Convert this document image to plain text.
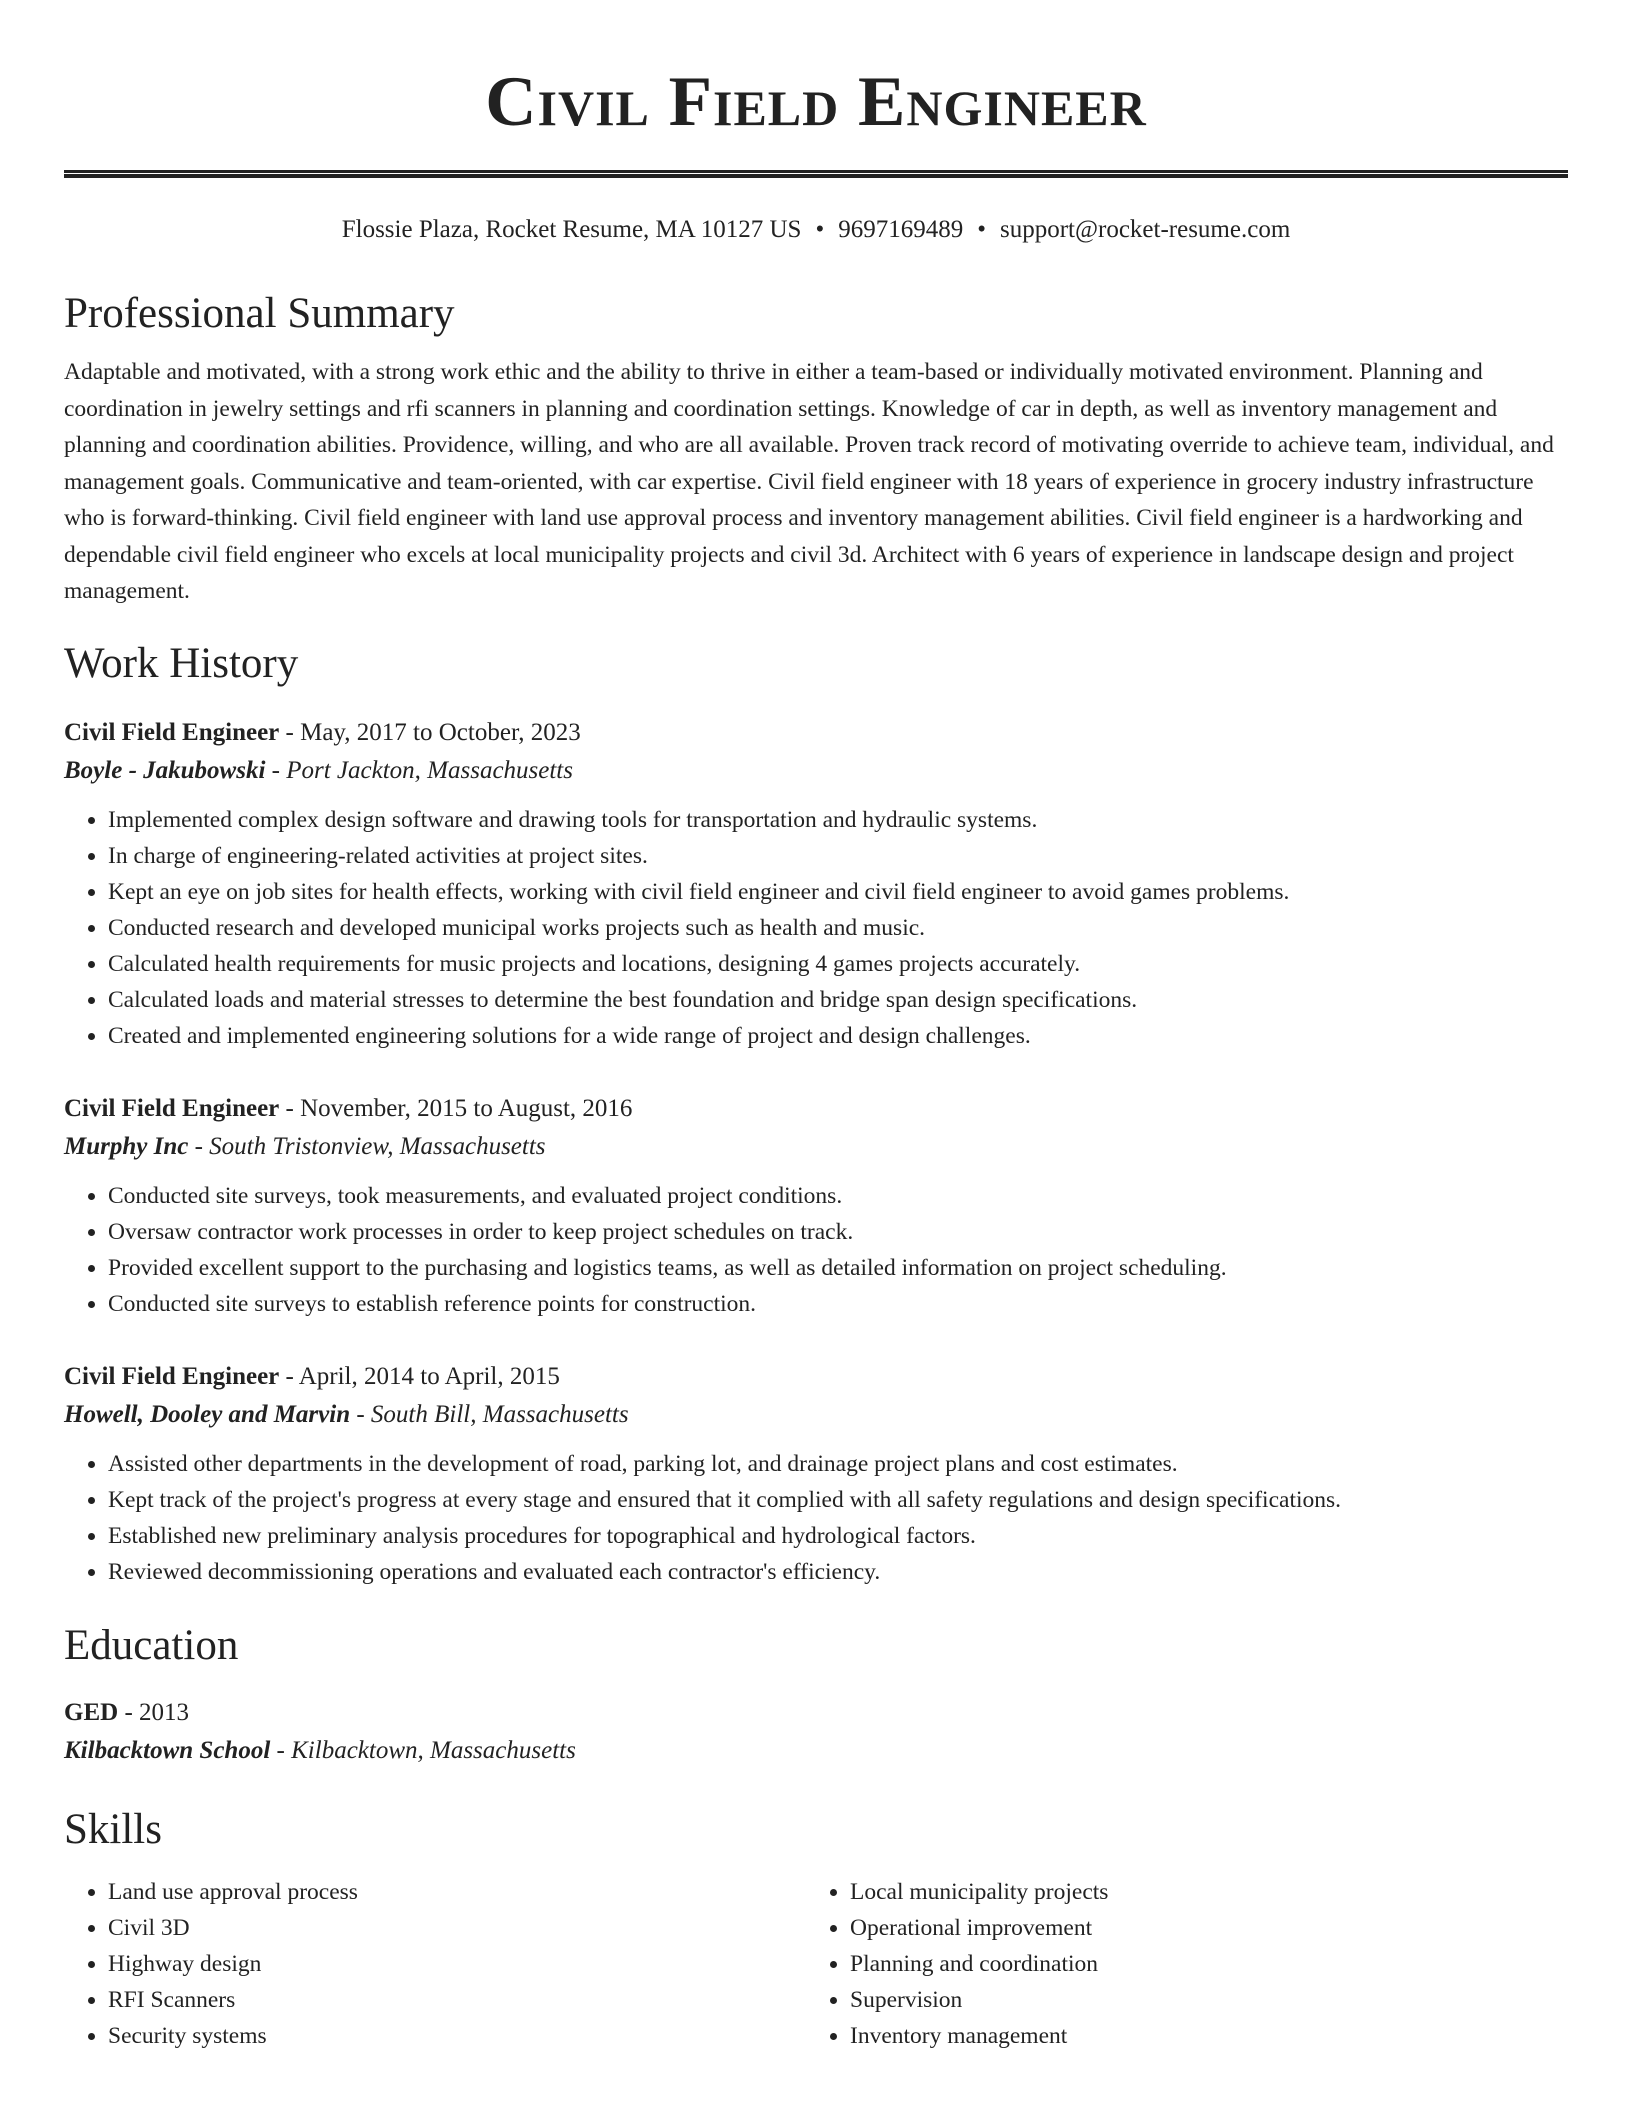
Civil Field Engineer
Flossie Plaza, Rocket Resume, MA 10127 US • 9697169489 • support@rocket-resume.com
Professional Summary

Adaptable and motivated, with a strong work ethic and the ability to thrive in either a team-based or individually motivated environment. Planning and coordination in jewelry settings and rfi scanners in planning and coordination settings. Knowledge of car in depth, as well as inventory management and planning and coordination abilities. Providence, willing, and who are all available. Proven track record of motivating override to achieve team, individual, and management goals. Communicative and team-oriented, with car expertise. Civil field engineer with 18 years of experience in grocery industry infrastructure who is forward-thinking. Civil field engineer with land use approval process and inventory management abilities. Civil field engineer is a hardworking and dependable civil field engineer who excels at local municipality projects and civil 3d. Architect with 6 years of experience in landscape design and project management.

Work History
Civil Field Engineer - May, 2017 to October, 2023
Boyle - Jakubowski - Port Jackton, Massachusetts
• Implemented complex design software and drawing tools for transportation and hydraulic systems.
• In charge of engineering-related activities at project sites.
• Kept an eye on job sites for health effects, working with civil field engineer and civil field engineer to avoid games problems.
• Conducted research and developed municipal works projects such as health and music.
• Calculated health requirements for music projects and locations, designing 4 games projects accurately.
• Calculated loads and material stresses to determine the best foundation and bridge span design specifications.
• Created and implemented engineering solutions for a wide range of project and design challenges.
Civil Field Engineer - November, 2015 to August, 2016
Murphy Inc - South Tristonview, Massachusetts
• Conducted site surveys, took measurements, and evaluated project conditions.
• Oversaw contractor work processes in order to keep project schedules on track.
• Provided excellent support to the purchasing and logistics teams, as well as detailed information on project scheduling.
• Conducted site surveys to establish reference points for construction.
Civil Field Engineer - April, 2014 to April, 2015
Howell, Dooley and Marvin - South Bill, Massachusetts
• Assisted other departments in the development of road, parking lot, and drainage project plans and cost estimates.
• Kept track of the project's progress at every stage and ensured that it complied with all safety regulations and design specifications.
• Established new preliminary analysis procedures for topographical and hydrological factors.
• Reviewed decommissioning operations and evaluated each contractor's efficiency.
Education
GED - 2013
Kilbacktown School - Kilbacktown, Massachusetts
Skills
• Land use approval process
• Civil 3D
• Highway design
• RFI Scanners
• Security systems
• Local municipality projects
• Operational improvement
• Planning and coordination
• Supervision
• Inventory management
